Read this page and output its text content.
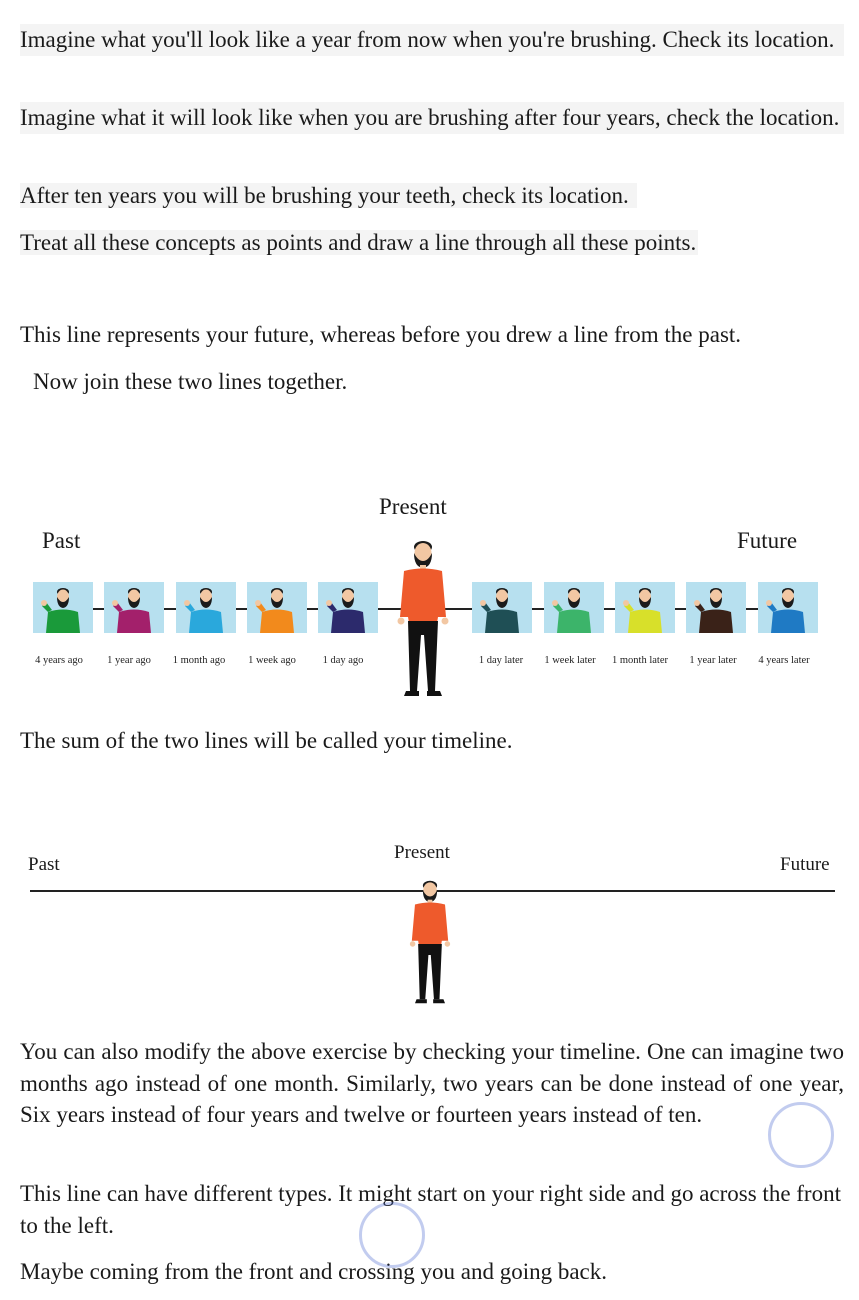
Imagine what you'll look like a year from now when you're brushing. Check its location.

Imagine what it will look like when you are brushing after four years, check the location.

After ten years you will be brushing your teeth, check its location.

Treat all these concepts as points and draw a line through all these points.

This line represents your future, whereas before you drew a line from the past.

Now join these two lines together.

Present
Past	Future
4 years ago 1 year ago 1 month ago 1 week ago	1 day ago	1 day later 1 week later 1 month later 1 year later 4 years later

The sum of the two lines will be called your timeline.

Present
Past	Future

You can also modify the above exercise by checking your timeline. One can imagine two months ago instead of one month. Similarly, two years can be done instead of one year, Six years instead of four years and twelve or fourteen years instead of ten.

This line can have different types. It might start on your right side and go across the front to the left.

Maybe coming from the front and crossing you and going back.
